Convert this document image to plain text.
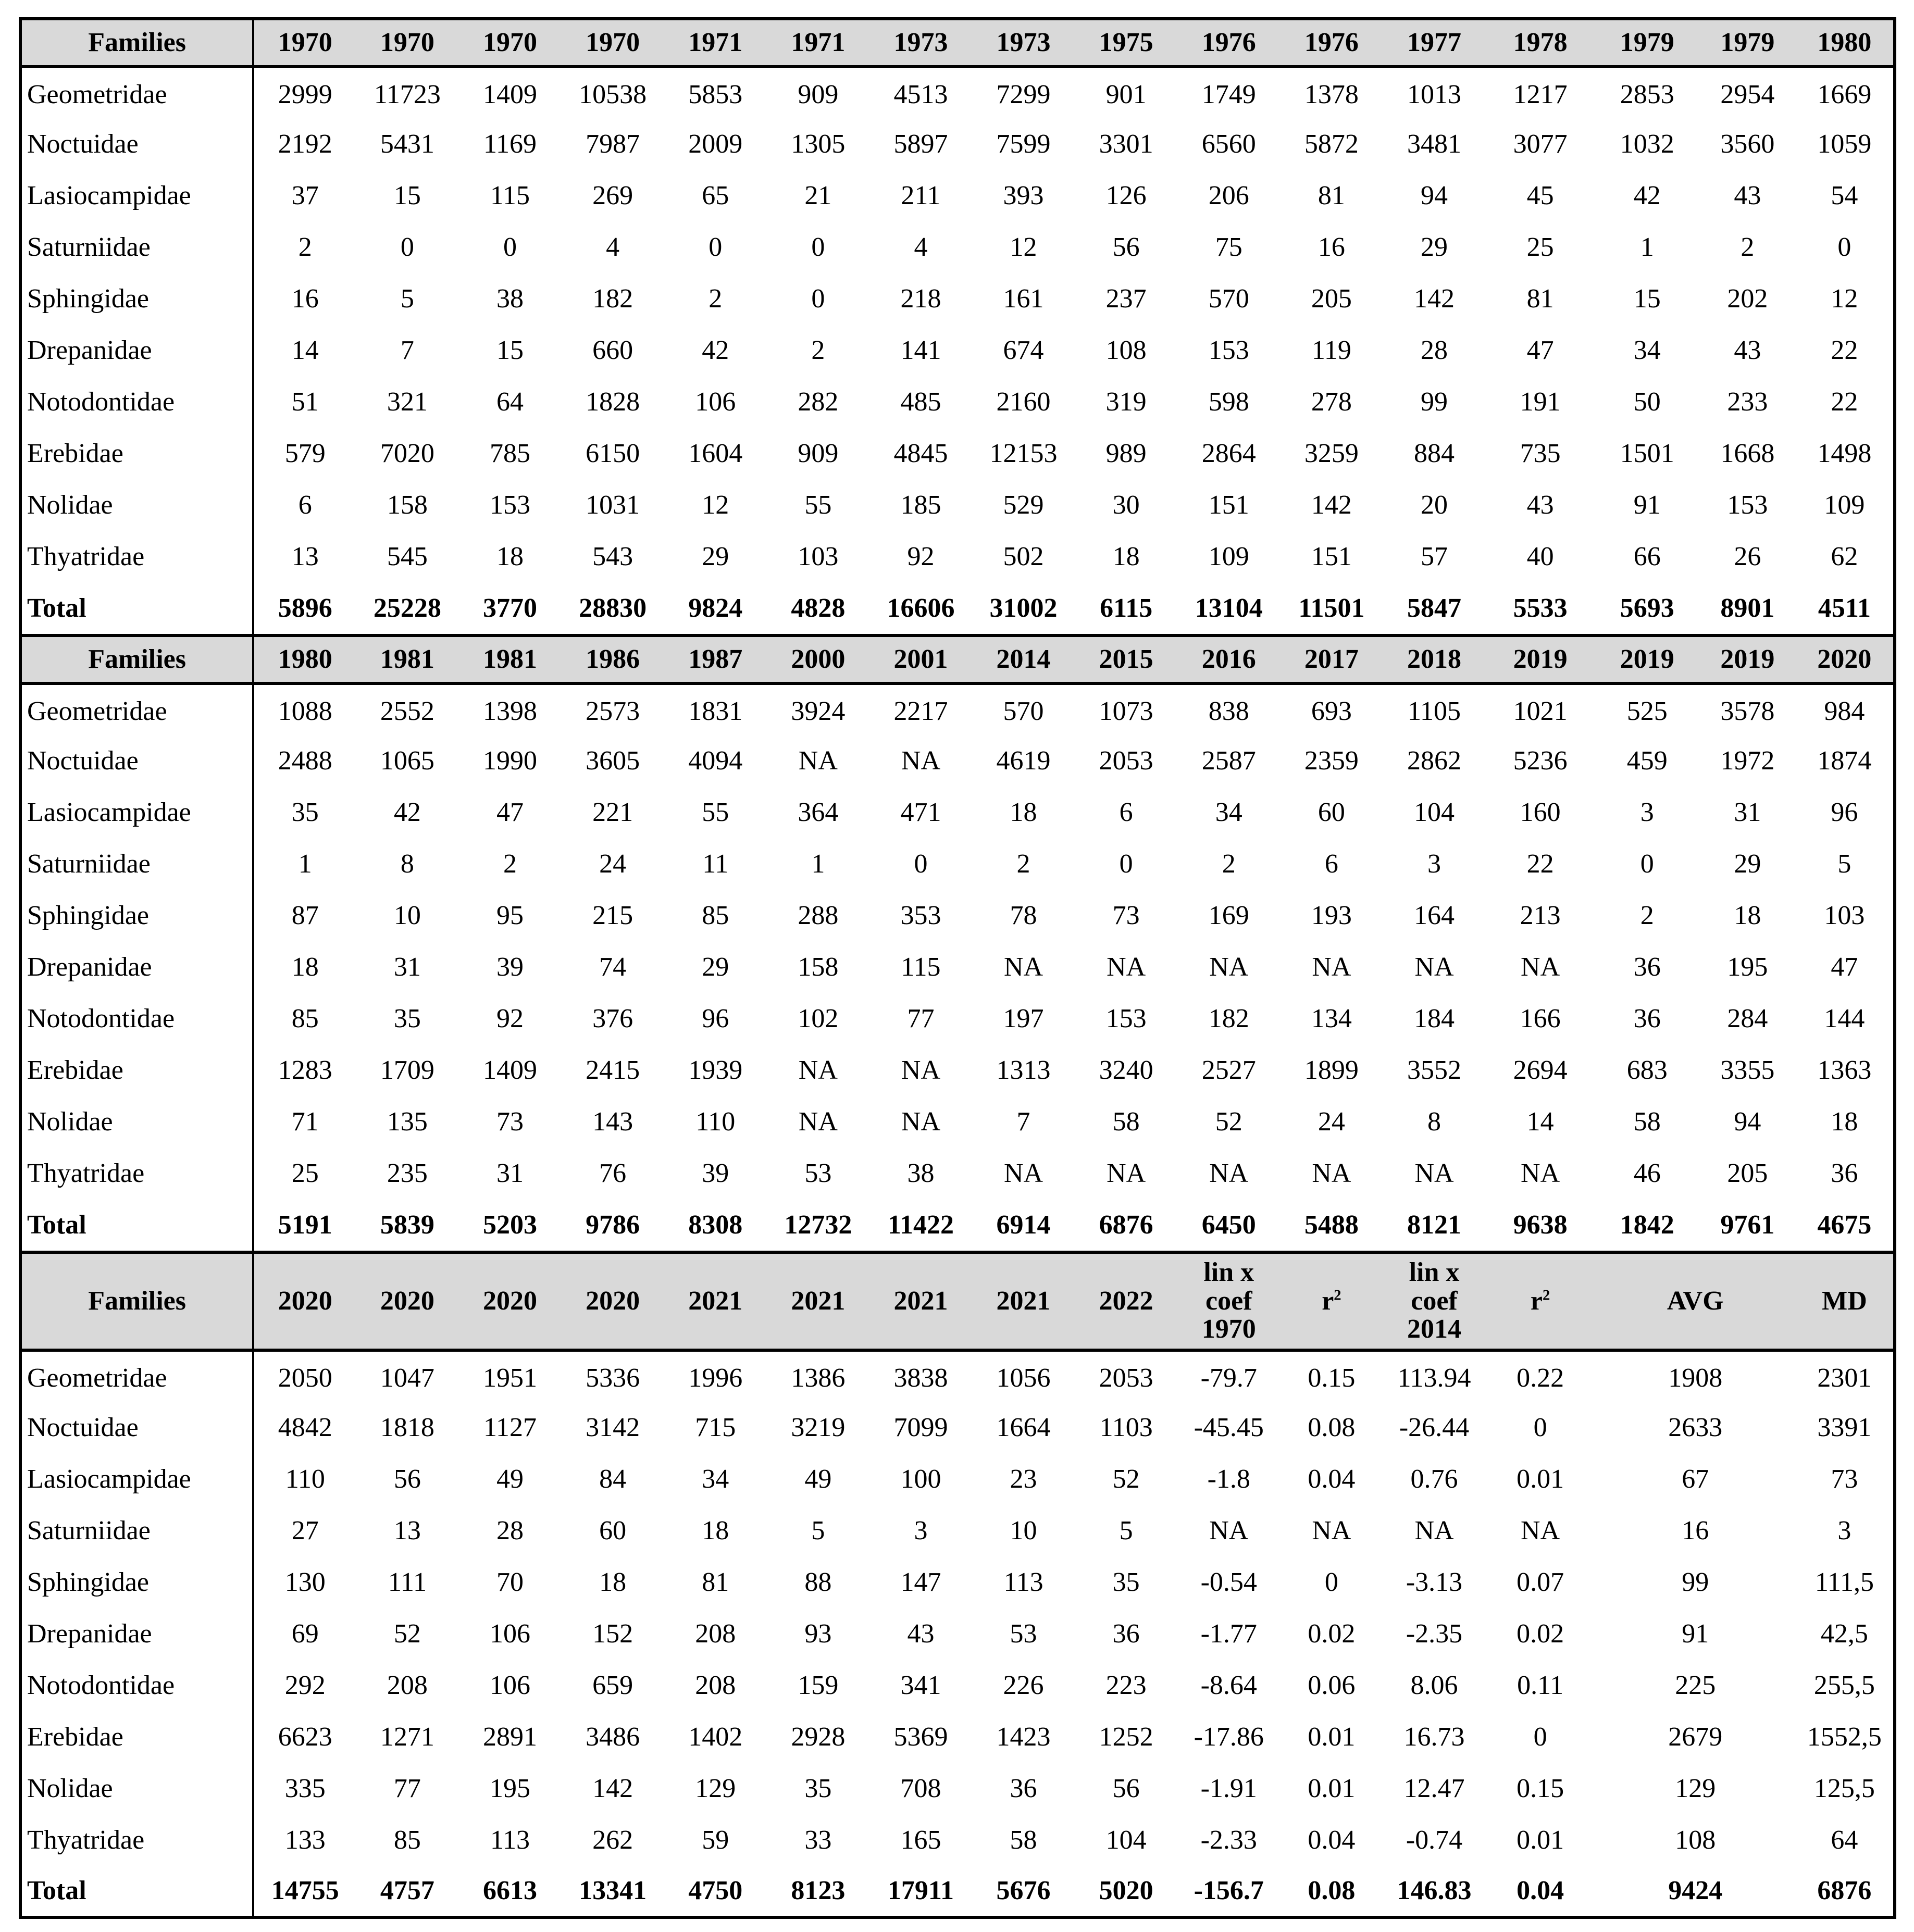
Families	1970	1970	1970	1970	1971	1971	1973	1973	1975	1976	1976	1977	1978	1979	1979	1980
Geometridae	2999	11723	1409	10538	5853	909	4513	7299	901	1749	1378	1013	1217	2853	2954	1669
Noctuidae	2192	5431	1169	7987	2009	1305	5897	7599	3301	6560	5872	3481	3077	1032	3560	1059
Lasiocampidae	37	15	115	269	65	21	211	393	126	206	81	94	45	42	43	54
Saturniidae	2	0	0	4	0	0	4	12	56	75	16	29	25	1	2	0
Sphingidae	16	5	38	182	2	0	218	161	237	570	205	142	81	15	202	12
Drepanidae	14	7	15	660	42	2	141	674	108	153	119	28	47	34	43	22
Notodontidae	51	321	64	1828	106	282	485	2160	319	598	278	99	191	50	233	22
Erebidae	579	7020	785	6150	1604	909	4845	12153	989	2864	3259	884	735	1501	1668	1498
Nolidae	6	158	153	1031	12	55	185	529	30	151	142	20	43	91	153	109
Thyatridae	13	545	18	543	29	103	92	502	18	109	151	57	40	66	26	62
Total	5896	25228	3770	28830	9824	4828	16606	31002	6115	13104	11501	5847	5533	5693	8901	4511
Families	1980	1981	1981	1986	1987	2000	2001	2014	2015	2016	2017	2018	2019	2019	2019	2020
Geometridae	1088	2552	1398	2573	1831	3924	2217	570	1073	838	693	1105	1021	525	3578	984
Noctuidae	2488	1065	1990	3605	4094	NA	NA	4619	2053	2587	2359	2862	5236	459	1972	1874
Lasiocampidae	35	42	47	221	55	364	471	18	6	34	60	104	160	3	31	96
Saturniidae	1	8	2	24	11	1	0	2	0	2	6	3	22	0	29	5
Sphingidae	87	10	95	215	85	288	353	78	73	169	193	164	213	2	18	103
Drepanidae	18	31	39	74	29	158	115	NA	NA	NA	NA	NA	NA	36	195	47
Notodontidae	85	35	92	376	96	102	77	197	153	182	134	184	166	36	284	144
Erebidae	1283	1709	1409	2415	1939	NA	NA	1313	3240	2527	1899	3552	2694	683	3355	1363
Nolidae	71	135	73	143	110	NA	NA	7	58	52	24	8	14	58	94	18
Thyatridae	25	235	31	76	39	53	38	NA	NA	NA	NA	NA	NA	46	205	36
Total	5191	5839	5203	9786	8308	12732	11422	6914	6876	6450	5488	8121	9638	1842	9761	4675
Families	2020	2020	2020	2020	2021	2021	2021	2021	2022	lin x coef 1970	$r^2$	lin x coef 2014	$r^2$	AVG	MD
Geometridae	2050	1047	1951	5336	1996	1386	3838	1056	2053	-79.7	0.15	113.94	0.22	1908	2301
Noctuidae	4842	1818	1127	3142	715	3219	7099	1664	1103	-45.45	0.08	-26.44	0	2633	3391
Lasiocampidae	110	56	49	84	34	49	100	23	52	-1.8	0.04	0.76	0.01	67	73
Saturniidae	27	13	28	60	18	5	3	10	5	NA	NA	NA	NA	16	3
Sphingidae	130	111	70	18	81	88	147	113	35	-0.54	0	-3.13	0.07	99	111,5
Drepanidae	69	52	106	152	208	93	43	53	36	-1.77	0.02	-2.35	0.02	91	42,5
Notodontidae	292	208	106	659	208	159	341	226	223	-8.64	0.06	8.06	0.11	225	255,5
Erebidae	6623	1271	2891	3486	1402	2928	5369	1423	1252	-17.86	0.01	16.73	0	2679	1552,5
Nolidae	335	77	195	142	129	35	708	36	56	-1.91	0.01	12.47	0.15	129	125,5
Thyatridae	133	85	113	262	59	33	165	58	104	-2.33	0.04	-0.74	0.01	108	64
Total	14755	4757	6613	13341	4750	8123	17911	5676	5020	-156.7	0.08	146.83	0.04	9424	6876
